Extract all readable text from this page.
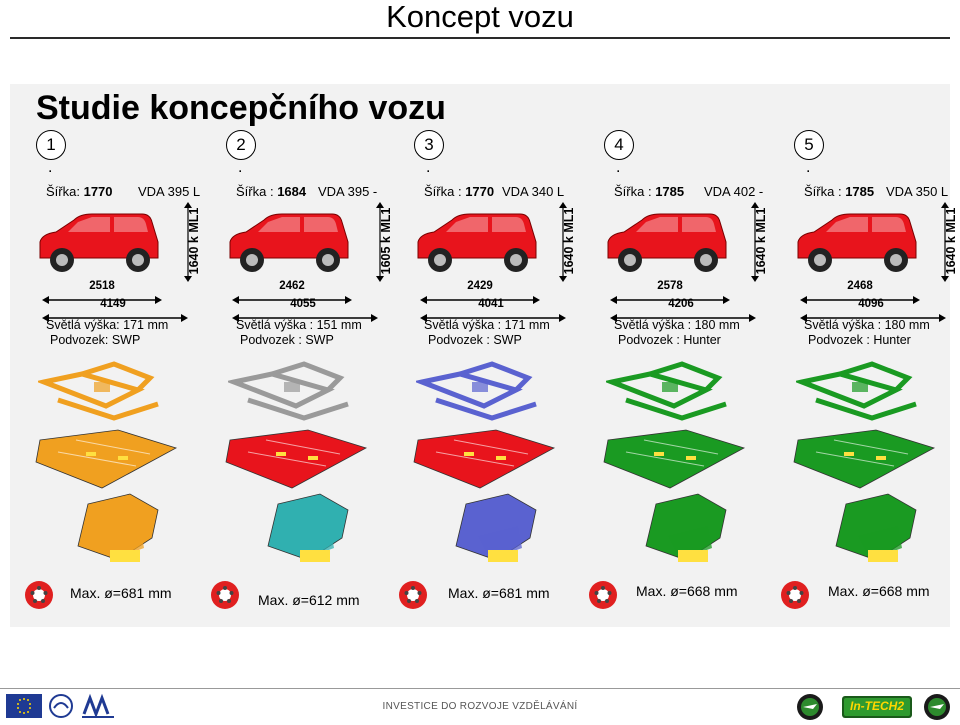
Koncept vozu
Studie koncepčního vozu
1
.
Šířka: 1770 VDA 395 L
1640 k ML1
2518
4149
Světlá výška: 171 mm
Podvozek: SWP
Max. ø=681 mm
2
.
Šířka : 1684 VDA 395 -
1605 k ML1
2462
4055
Světlá výška : 151 mm
Podvozek : SWP
Max. ø=612 mm
3
.
Šířka : 1770 VDA 340 L
1640 k ML1
2429
4041
Světlá výška : 171 mm
Podvozek : SWP
Max. ø=681 mm
4
.
Šířka : 1785 VDA 402 -
1640 k ML1
2578
4206
Světlá výška : 180 mm
Podvozek : Hunter
Max. ø=668 mm
5
.
Šířka : 1785 VDA 350 L
1640 k ML1
2468
4096
Světlá výška : 180 mm
Podvozek : Hunter
Max. ø=668 mm
INVESTICE DO ROZVOJE VZDĚLÁVÁNÍ	In-TECH2
